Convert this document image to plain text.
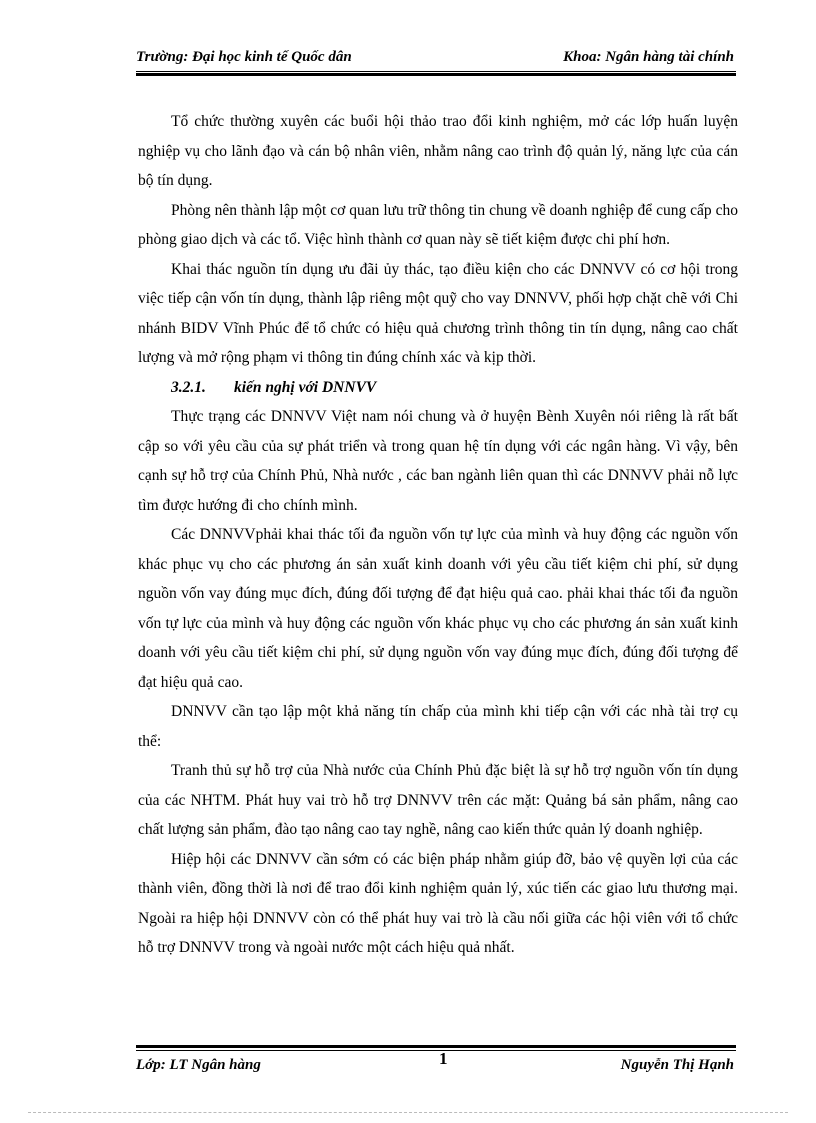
Trường: Đại học kinh tế Quốc dân	Khoa: Ngân hàng tài chính

Tổ chức thường xuyên các buổi hội thảo trao đổi kinh nghiệm, mở các lớp huấn luyện nghiệp vụ cho lãnh đạo và cán bộ nhân viên, nhằm nâng cao trình độ quản lý, năng lực của cán bộ tín dụng.

Phòng nên thành lập một cơ quan lưu trữ thông tin chung về doanh nghiệp để cung cấp cho phòng giao dịch và các tổ. Việc hình thành cơ quan này sẽ tiết kiệm được chi phí hơn.

Khai thác nguồn tín dụng ưu đãi ủy thác, tạo điều kiện cho các DNNVV có cơ hội trong việc tiếp cận vốn tín dụng, thành lập riêng một quỹ cho vay DNNVV, phối hợp chặt chẽ với Chi nhánh BIDV Vĩnh Phúc để tổ chức có hiệu quả chương trình thông tin tín dụng, nâng cao chất lượng và mở rộng phạm vi thông tin đúng chính xác và kịp thời.

3.2.1. kiến nghị với DNNVV

Thực trạng các DNNVV Việt nam nói chung và ở huyện Bènh Xuyên nói riêng là rất bất cập so với yêu cầu của sự phát triển và trong quan hệ tín dụng với các ngân hàng. Vì vậy, bên cạnh sự hỗ trợ của Chính Phủ, Nhà nước , các ban ngành liên quan thì các DNNVV phải nỗ lực tìm được hướng đi cho chính mình.

Các DNNVVphải khai thác tối đa nguồn vốn tự lực của mình và huy động các nguồn vốn khác phục vụ cho các phương án sản xuất kinh doanh với yêu cầu tiết kiệm chi phí, sử dụng nguồn vốn vay đúng mục đích, đúng đối tượng để đạt hiệu quả cao. phải khai thác tối đa nguồn vốn tự lực của mình và huy động các nguồn vốn khác phục vụ cho các phương án sản xuất kinh doanh với yêu cầu tiết kiệm chi phí, sử dụng nguồn vốn vay đúng mục đích, đúng đối tượng để đạt hiệu quả cao.

DNNVV cần tạo lập một khả năng tín chấp của mình khi tiếp cận với các nhà tài trợ cụ thể:

Tranh thủ sự hỗ trợ của Nhà nước của Chính Phủ đặc biệt là sự hỗ trợ nguồn vốn tín dụng của các NHTM. Phát huy vai trò hỗ trợ DNNVV trên các mặt: Quảng bá sản phẩm, nâng cao chất lượng sản phẩm, đào tạo nâng cao tay nghề, nâng cao kiến thức quản lý doanh nghiệp.

Hiệp hội các DNNVV cần sớm có các biện pháp nhằm giúp đỡ, bảo vệ quyền lợi của các thành viên, đồng thời là nơi để trao đổi kinh nghiệm quản lý, xúc tiến các giao lưu thương mại. Ngoài ra hiệp hội DNNVV còn có thể phát huy vai trò là cầu nối giữa các hội viên với tổ chức hỗ trợ DNNVV trong và ngoài nước một cách hiệu quả nhất.

1
Lớp: LT Ngân hàng	Nguyễn Thị Hạnh
